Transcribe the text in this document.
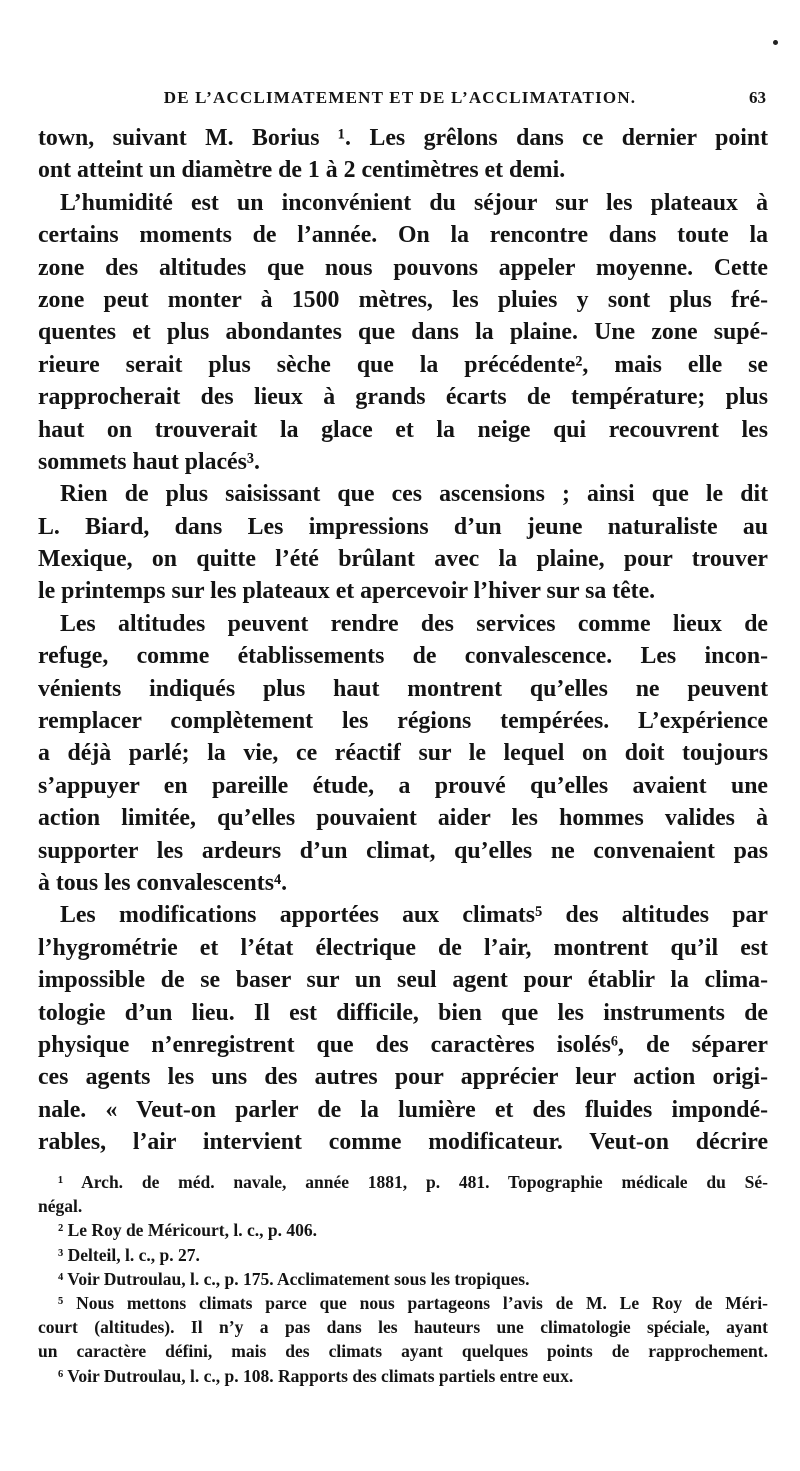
DE L’ACCLIMATEMENT ET DE L’ACCLIMATATION.	63
town, suivant M. Borius ¹. Les grêlons dans ce dernier point
ont atteint un diamètre de 1 à 2 centimètres et demi.
L’humidité est un inconvénient du séjour sur les plateaux à
certains moments de l’année. On la rencontre dans toute la
zone des altitudes que nous pouvons appeler moyenne. Cette
zone peut monter à 1500 mètres, les pluies y sont plus fré-
quentes et plus abondantes que dans la plaine. Une zone supé-
rieure serait plus sèche que la précédente², mais elle se
rapprocherait des lieux à grands écarts de température; plus
haut on trouverait la glace et la neige qui recouvrent les
sommets haut placés³.
Rien de plus saisissant que ces ascensions ; ainsi que le dit
L. Biard, dans Les impressions d’un jeune naturaliste au
Mexique, on quitte l’été brûlant avec la plaine, pour trouver
le printemps sur les plateaux et apercevoir l’hiver sur sa tête.
Les altitudes peuvent rendre des services comme lieux de
refuge, comme établissements de convalescence. Les incon-
vénients indiqués plus haut montrent qu’elles ne peuvent
remplacer complètement les régions tempérées. L’expérience
a déjà parlé; la vie, ce réactif sur le lequel on doit toujours
s’appuyer en pareille étude, a prouvé qu’elles avaient une
action limitée, qu’elles pouvaient aider les hommes valides à
supporter les ardeurs d’un climat, qu’elles ne convenaient pas
à tous les convalescents⁴.
Les modifications apportées aux climats⁵ des altitudes par
l’hygrométrie et l’état électrique de l’air, montrent qu’il est
impossible de se baser sur un seul agent pour établir la clima-
tologie d’un lieu. Il est difficile, bien que les instruments de
physique n’enregistrent que des caractères isolés⁶, de séparer
ces agents les uns des autres pour apprécier leur action origi-
nale. « Veut-on parler de la lumière et des fluides impondé-
rables, l’air intervient comme modificateur. Veut-on décrire
¹ Arch. de méd. navale, année 1881, p. 481. Topographie médicale du Sé-
négal.
² Le Roy de Méricourt, l. c., p. 406.
³ Delteil, l. c., p. 27.
⁴ Voir Dutroulau, l. c., p. 175. Acclimatement sous les tropiques.
⁵ Nous mettons climats parce que nous partageons l’avis de M. Le Roy de Méri-
court (altitudes). Il n’y a pas dans les hauteurs une climatologie spéciale, ayant
un caractère défini, mais des climats ayant quelques points de rapprochement.
⁶ Voir Dutroulau, l. c., p. 108. Rapports des climats partiels entre eux.
